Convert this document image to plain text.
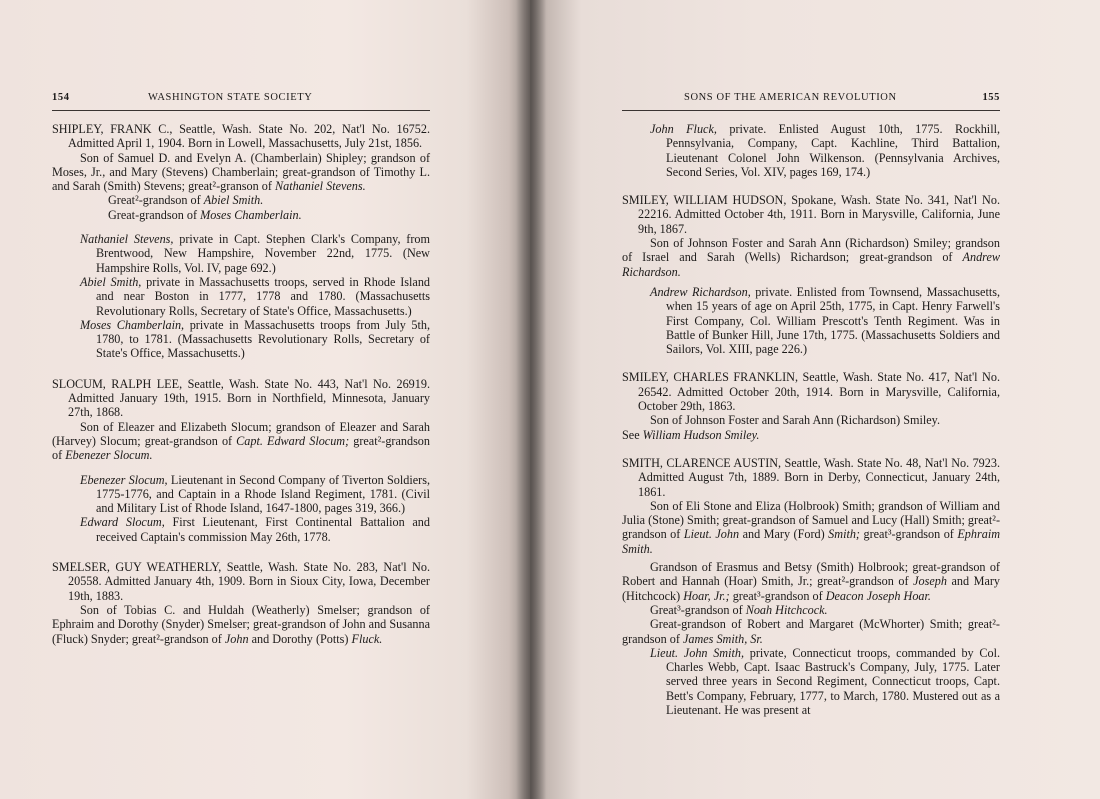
154	WASHINGTON STATE SOCIETY

SHIPLEY, FRANK C., Seattle, Wash. State No. 202, Nat'l No. 16752. Admitted April 1, 1904. Born in Lowell, Massachusetts, July 21st, 1856.

Son of Samuel D. and Evelyn A. (Chamberlain) Shipley; grandson of Moses, Jr., and Mary (Stevens) Chamberlain; great-grandson of Timothy L. and Sarah (Smith) Stevens; great²-granson of Nathaniel Stevens.

Great²-grandson of Abiel Smith.

Great-grandson of Moses Chamberlain.

Nathaniel Stevens, private in Capt. Stephen Clark's Company, from Brentwood, New Hampshire, November 22nd, 1775. (New Hampshire Rolls, Vol. IV, page 692.)

Abiel Smith, private in Massachusetts troops, served in Rhode Island and near Boston in 1777, 1778 and 1780. (Massachusetts Revolutionary Rolls, Secretary of State's Office, Massachusetts.)

Moses Chamberlain, private in Massachusetts troops from July 5th, 1780, to 1781. (Massachusetts Revolutionary Rolls, Secretary of State's Office, Massachusetts.)

SLOCUM, RALPH LEE, Seattle, Wash. State No. 443, Nat'l No. 26919. Admitted January 19th, 1915. Born in Northfield, Minnesota, January 27th, 1868.

Son of Eleazer and Elizabeth Slocum; grandson of Eleazer and Sarah (Harvey) Slocum; great-grandson of Capt. Edward Slocum; great²-grandson of Ebenezer Slocum.

Ebenezer Slocum, Lieutenant in Second Company of Tiverton Soldiers, 1775-1776, and Captain in a Rhode Island Regiment, 1781. (Civil and Military List of Rhode Island, 1647-1800, pages 319, 366.)

Edward Slocum, First Lieutenant, First Continental Battalion and received Captain's commission May 26th, 1778.

SMELSER, GUY WEATHERLY, Seattle, Wash. State No. 283, Nat'l No. 20558. Admitted January 4th, 1909. Born in Sioux City, Iowa, December 19th, 1883.

Son of Tobias C. and Huldah (Weatherly) Smelser; grandson of Ephraim and Dorothy (Snyder) Smelser; great-grandson of John and Susanna (Fluck) Snyder; great²-grandson of John and Dorothy (Potts) Fluck.

SONS OF THE AMERICAN REVOLUTION	155

John Fluck, private. Enlisted August 10th, 1775. Rockhill, Pennsylvania, Company, Capt. Kachline, Third Battalion, Lieutenant Colonel John Wilkenson. (Pennsylvania Archives, Second Series, Vol. XIV, pages 169, 174.)

SMILEY, WILLIAM HUDSON, Spokane, Wash. State No. 341, Nat'l No. 22216. Admitted October 4th, 1911. Born in Marysville, California, June 9th, 1867.

Son of Johnson Foster and Sarah Ann (Richardson) Smiley; grandson of Israel and Sarah (Wells) Richardson; great-grandson of Andrew Richardson.

Andrew Richardson, private. Enlisted from Townsend, Massachusetts, when 15 years of age on April 25th, 1775, in Capt. Henry Farwell's First Company, Col. William Prescott's Tenth Regiment. Was in Battle of Bunker Hill, June 17th, 1775. (Massachusetts Soldiers and Sailors, Vol. XIII, page 226.)

SMILEY, CHARLES FRANKLIN, Seattle, Wash. State No. 417, Nat'l No. 26542. Admitted October 20th, 1914. Born in Marysville, California, October 29th, 1863.

Son of Johnson Foster and Sarah Ann (Richardson) Smiley.

See William Hudson Smiley.

SMITH, CLARENCE AUSTIN, Seattle, Wash. State No. 48, Nat'l No. 7923. Admitted August 7th, 1889. Born in Derby, Connecticut, January 24th, 1861.

Son of Eli Stone and Eliza (Holbrook) Smith; grandson of William and Julia (Stone) Smith; great-grandson of Samuel and Lucy (Hall) Smith; great²-grandson of Lieut. John and Mary (Ford) Smith; great³-grandson of Ephraim Smith.

Grandson of Erasmus and Betsy (Smith) Holbrook; great-grandson of Robert and Hannah (Hoar) Smith, Jr.; great²-grandson of Joseph and Mary (Hitchcock) Hoar, Jr.; great³-grandson of Deacon Joseph Hoar.

Great³-grandson of Noah Hitchcock.

Great-grandson of Robert and Margaret (McWhorter) Smith; great²-grandson of James Smith, Sr.

Lieut. John Smith, private, Connecticut troops, commanded by Col. Charles Webb, Capt. Isaac Bastruck's Company, July, 1775. Later served three years in Second Regiment, Connecticut troops, Capt. Bett's Company, February, 1777, to March, 1780. Mustered out as a Lieutenant. He was present at
